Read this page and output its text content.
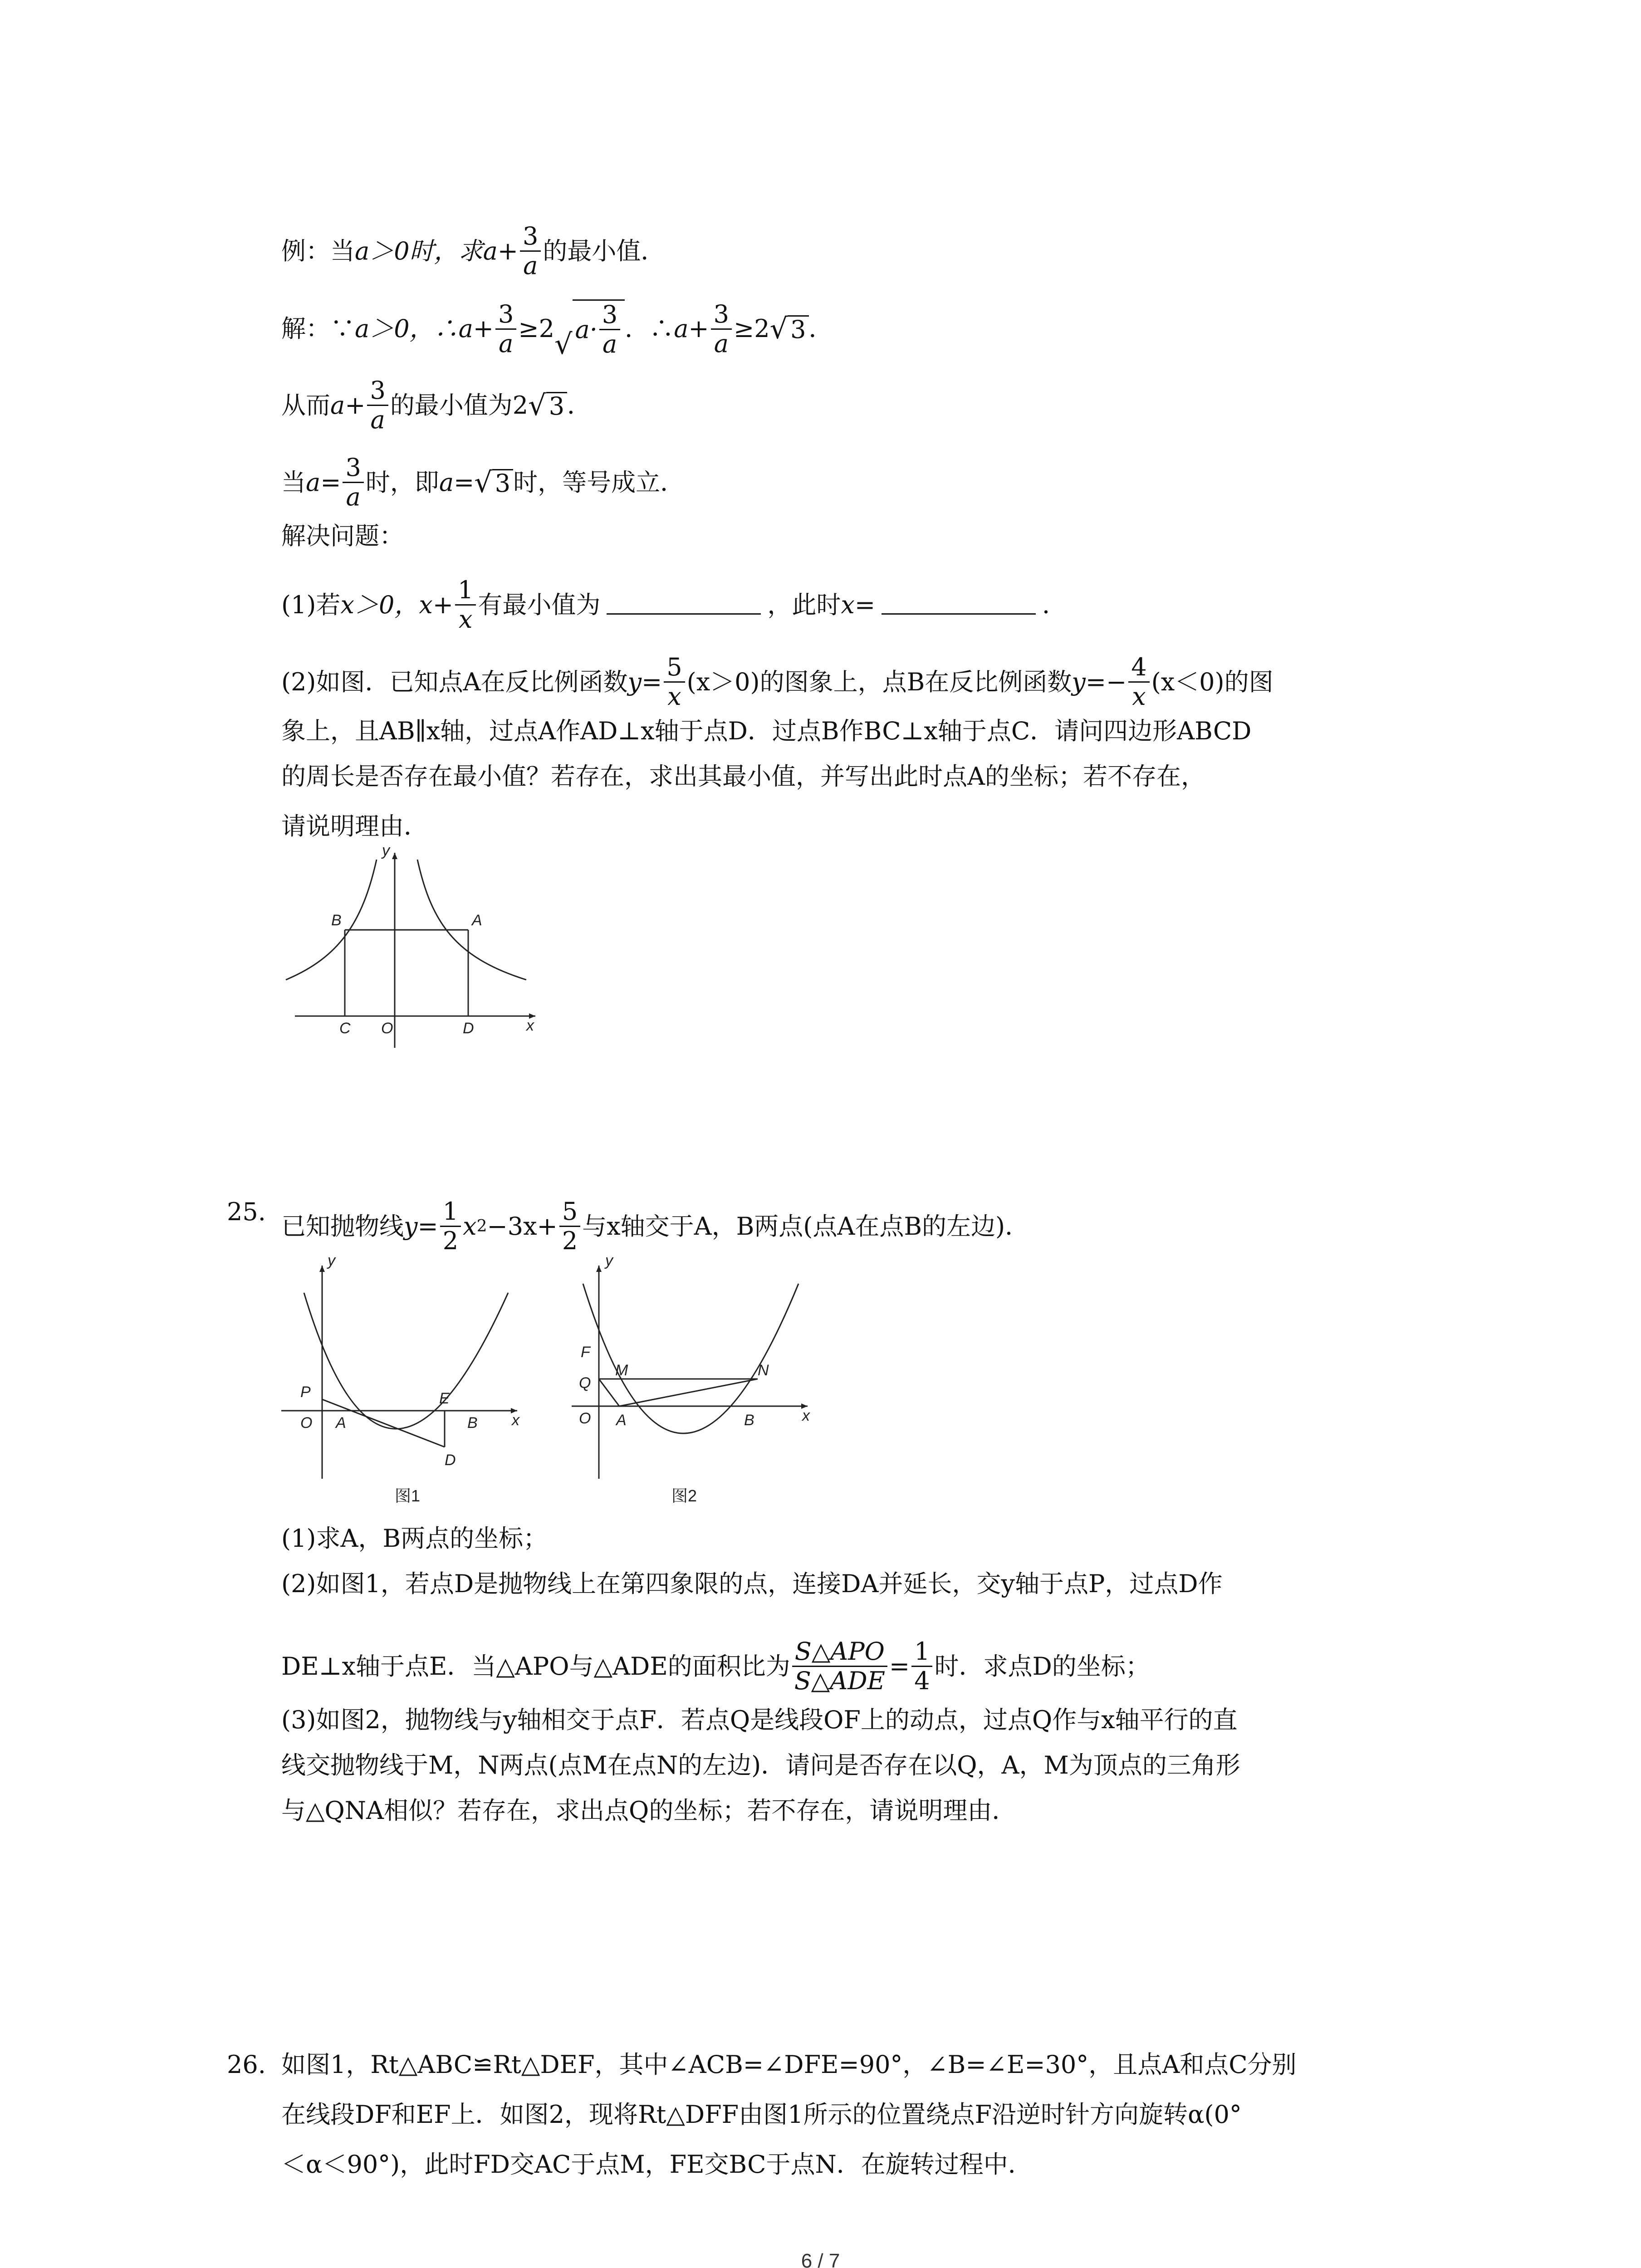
例：当 a＞0时，求 $a+ \frac{3}{a}$ 的最小值．
解：∵ a＞0，∴ $a+ \frac{3}{a} \ge 2$ √ $a\cdot \frac{3}{a}$ ．∴ $a+ \frac{3}{a} \ge 2$ √ 3 ．
从而 $a+ \frac{3}{a}$ 的最小值为2 √ 3 ．
当 $a= \frac{3}{a}$ 时，即 a= √ 3 时，等号成立．
解决问题：
(1)若 x＞0， $x+ \frac{1}{x}$ 有最小值为	，此时 x=	．
(2)如图．已知点A在反比例函数 $y= \frac{5}{x} (x>0)$的图象上，点B在反比例函数 $y=- \frac{4}{x} (x<0)$的图
象上，且AB∥x轴，过点A作AD⊥x轴于点D．过点B作BC⊥x轴于点C．请问四边形ABCD
的周长是否存在最小值？若存在，求出其最小值，并写出此时点A的坐标；若不存在，
请说明理由．
y
x
A
B
C	D
O
25. 已知抛物线 $y= \frac{1}{2}$ x $2 -3x+ \frac{5}{2}$ 与x轴交于A，B两点(点A在点B的左边)．
y
x
P
O A
E
B
D
图1
y
x
F
M	N
Q
O A	B
图2
(1)求A，B两点的坐标；
(2)如图1，若点D是抛物线上在第四象限的点，连接DA并延长，交y轴于点P，过点D作
DE⊥x轴于点E．当△APO与△ADE的面积比为 $\frac{\text{S△APO}}{\text{S△ADE}} = \frac{1}{4}$ 时．求点D的坐标；
(3)如图2，抛物线与y轴相交于点F．若点Q是线段OF上的动点，过点Q作与x轴平行的直
线交抛物线于M，N两点(点M在点N的左边)．请问是否存在以Q，A，M为顶点的三角形
与△QNA相似？若存在，求出点Q的坐标；若不存在，请说明理由．
26. 如图1，Rt△ABC≌Rt△DEF，其中∠ACB=∠DFE=90°，∠B=∠E=30°，且点A和点C分别
在线段DF和EF上．如图2，现将Rt△DFF由图1所示的位置绕点F沿逆时针方向旋转α(0°
＜α＜90°)，此时FD交AC于点M，FE交BC于点N．在旋转过程中．
6 / 7
